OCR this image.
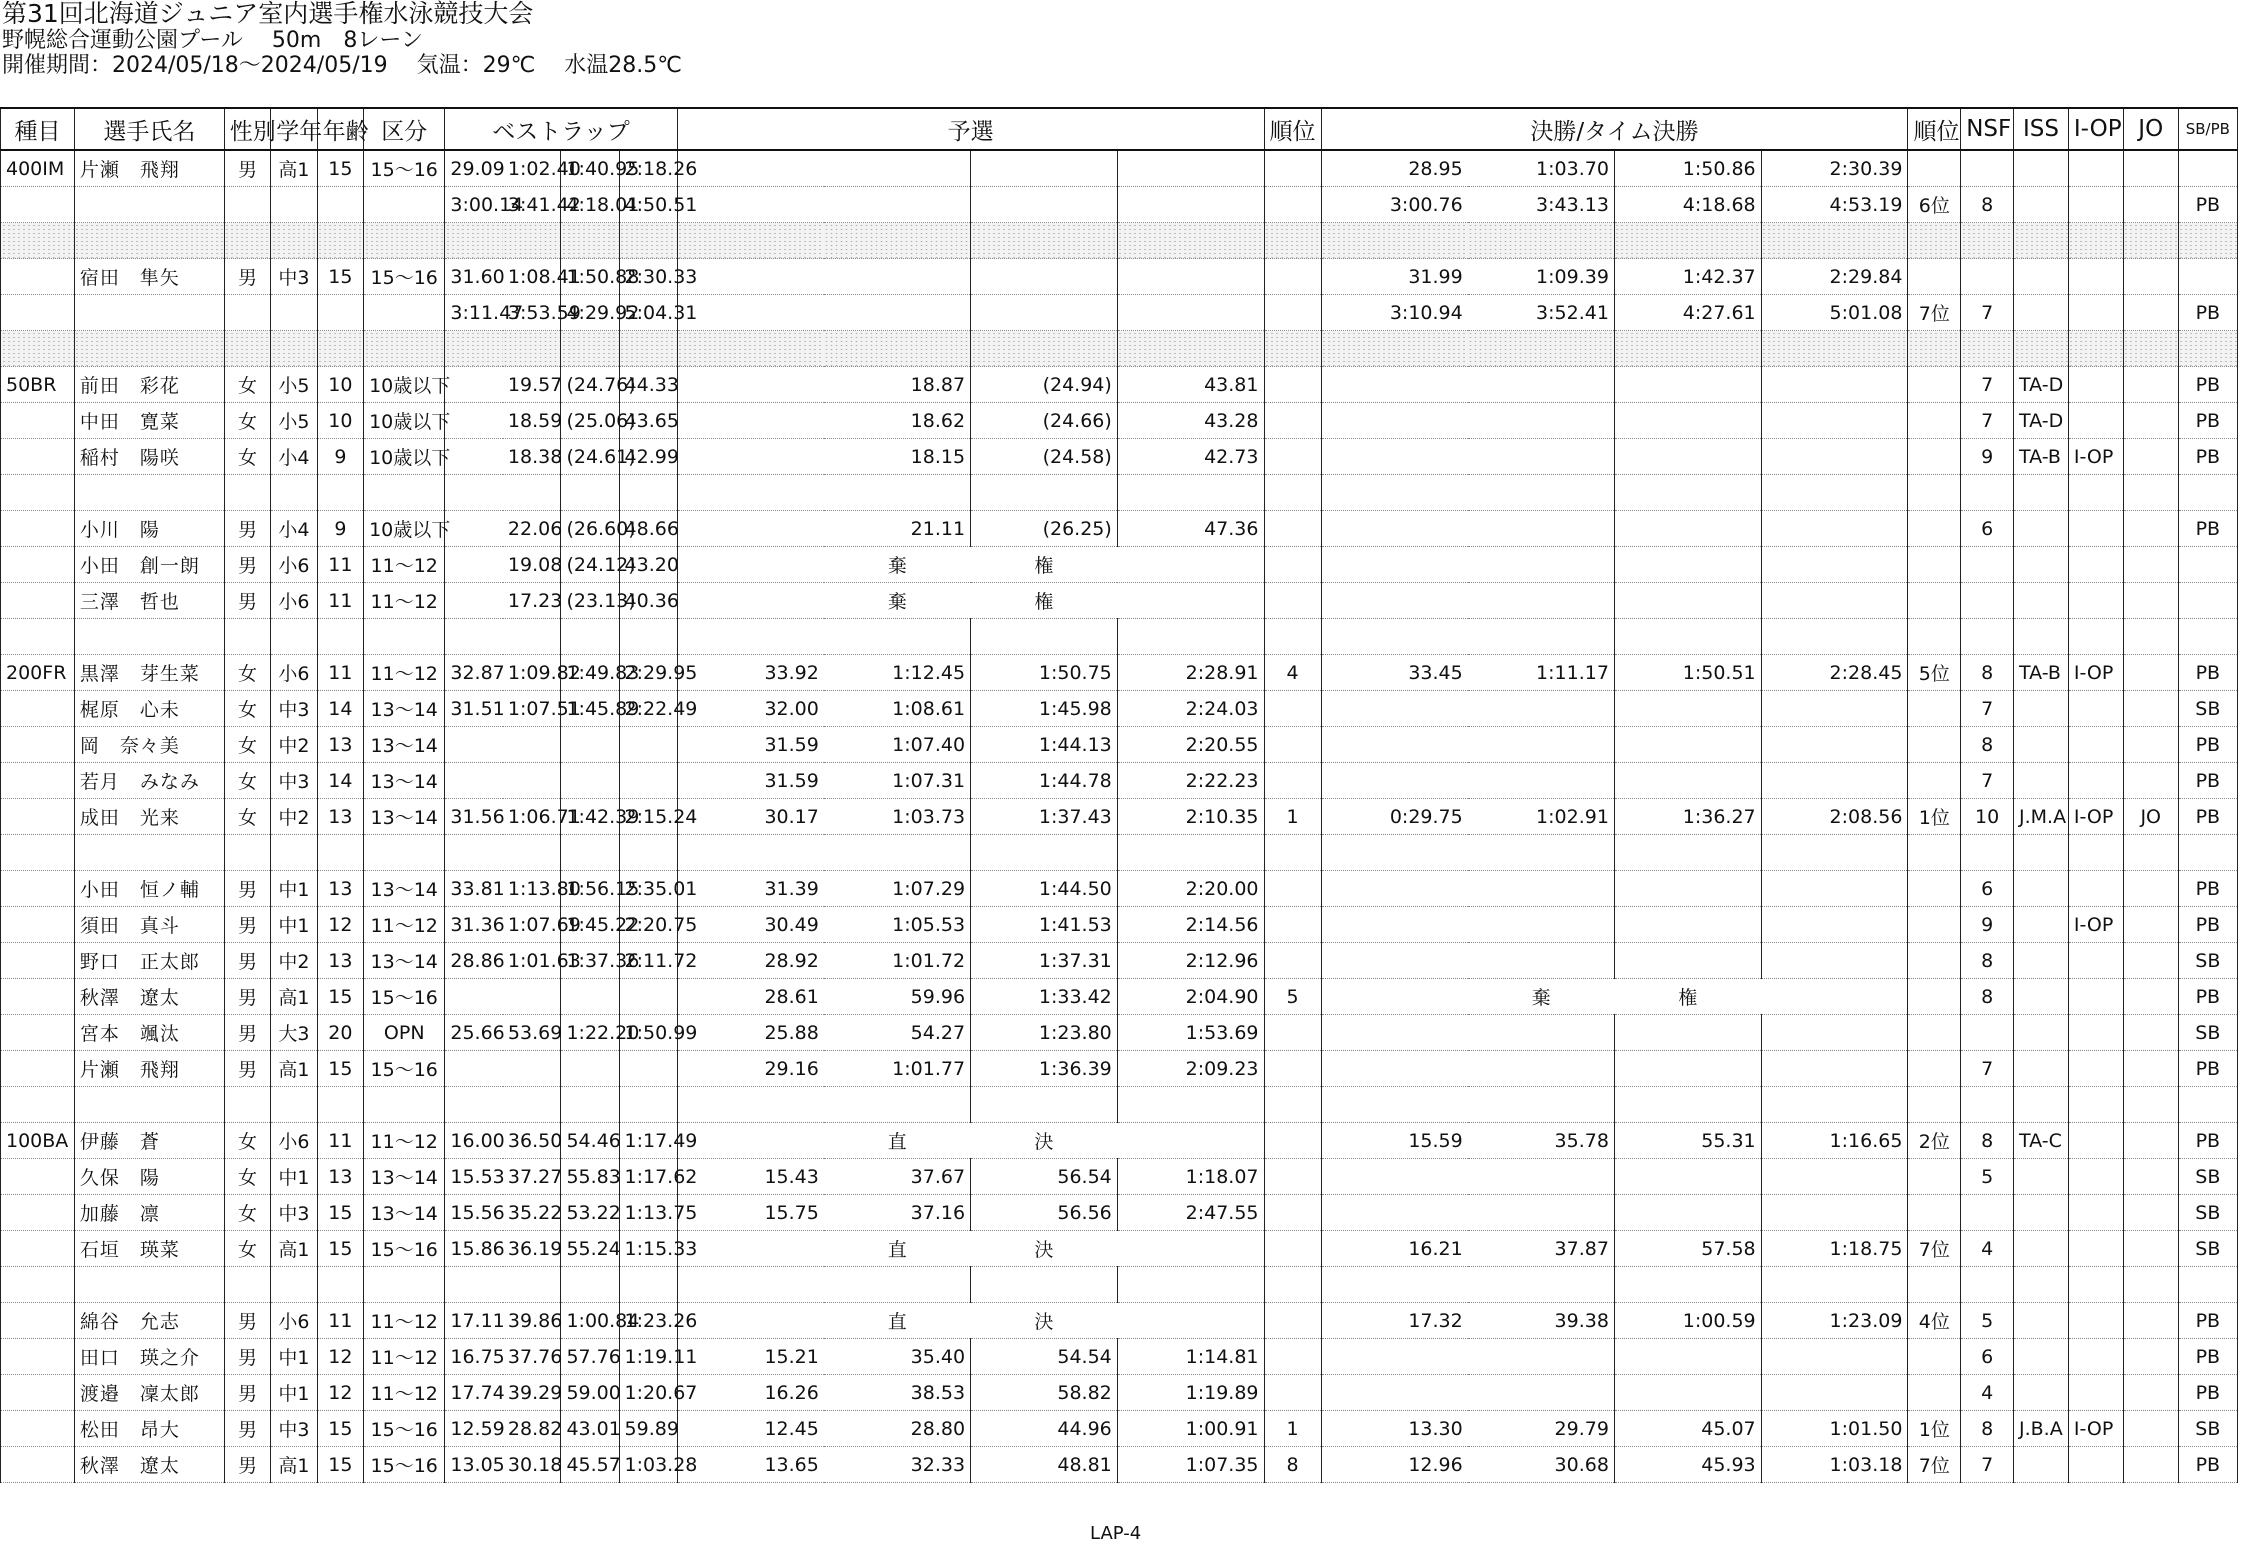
第31回北海道ジュニア室内選手権水泳競技大会
野幌総合運動公園プール　 50m　8レーン
開催期間：2024/05/18～2024/05/19　 気温：29℃　 水温28.5℃
種目	選手氏名	性別	学年	年齢	区分	ベストラップ				予選				順位	決勝/タイム決勝				順位	NSF	ISS	I-OP	JO	SB/PB
400IM	片瀬　飛翔	男	高1	15	15～16	29.09	1:02.40	1:40.95	2:18.26						28.95	1:03.70	1:50.86	2:30.39						
						3:00.14	3:41.42	4:18.01	4:50.51						3:00.76	3:43.13	4:18.68	4:53.19	6位	8				PB

	宿田　隼矢	男	中3	15	15～16	31.60	1:08.41	1:50.88	2:30.33						31.99	1:09.39	1:42.37	2:29.84						
						3:11.47	3:53.59	4:29.92	5:04.31						3:10.94	3:52.41	4:27.61	5:01.08	7位	7				PB

50BR	前田　彩花	女	小5	10	10歳以下		19.57	(24.76)	44.33		18.87	(24.94)	43.81							7	TA-D			PB
	中田　寛菜	女	小5	10	10歳以下		18.59	(25.06)	43.65		18.62	(24.66)	43.28							7	TA-D			PB
	稲村　陽咲	女	小4	9	10歳以下		18.38	(24.61)	42.99		18.15	(24.58)	42.73							9	TA-B	I-OP		PB

	小川　陽	男	小4	9	10歳以下		22.06	(26.60)	48.66		21.11	(26.25)	47.36							6				PB
	小田　創一朗	男	小6	11	11～12		19.08	(24.12)	43.20		棄	権												
	三澤　哲也	男	小6	11	11～12		17.23	(23.13)	40.36		棄	権												

200FR	黒澤　芽生菜	女	小6	11	11～12	32.87	1:09.82	1:49.83	2:29.95	33.92	1:12.45	1:50.75	2:28.91	4	33.45	1:11.17	1:50.51	2:28.45	5位	8	TA-B	I-OP		PB
	梶原　心未	女	中3	14	13～14	31.51	1:07.51	1:45.89	2:22.49	32.00	1:08.61	1:45.98	2:24.03							7				SB
	岡　奈々美	女	中2	13	13～14					31.59	1:07.40	1:44.13	2:20.55							8				PB
	若月　みなみ	女	中3	14	13～14					31.59	1:07.31	1:44.78	2:22.23							7				PB
	成田　光来	女	中2	13	13～14	31.56	1:06.71	1:42.39	2:15.24	30.17	1:03.73	1:37.43	2:10.35	1	0:29.75	1:02.91	1:36.27	2:08.56	1位	10	J.M.A	I-OP	JO	PB

	小田　恒ノ輔	男	中1	13	13～14	33.81	1:13.80	1:56.15	2:35.01	31.39	1:07.29	1:44.50	2:20.00							6				PB
	須田　真斗	男	中1	12	11～12	31.36	1:07.69	1:45.22	2:20.75	30.49	1:05.53	1:41.53	2:14.56							9		I-OP		PB
	野口　正太郎	男	中2	13	13～14	28.86	1:01.63	1:37.36	2:11.72	28.92	1:01.72	1:37.31	2:12.96							8				SB
	秋澤　遼太	男	高1	15	15～16					28.61	59.96	1:33.42	2:04.90	5		棄	権			8				PB
	宮本　颯汰	男	大3	20	OPN	25.66	53.69	1:22.20	1:50.99	25.88	54.27	1:23.80	1:53.69											SB
	片瀬　飛翔	男	高1	15	15～16					29.16	1:01.77	1:36.39	2:09.23							7				PB

100BA	伊藤　蒼	女	小6	11	11～12	16.00	36.50	54.46	1:17.49		直	決			15.59	35.78	55.31	1:16.65	2位	8	TA-C			PB
	久保　陽	女	中1	13	13～14	15.53	37.27	55.83	1:17.62	15.43	37.67	56.54	1:18.07							5				SB
	加藤　凛	女	中3	15	13～14	15.56	35.22	53.22	1:13.75	15.75	37.16	56.56	2:47.55											SB
	石垣　瑛菜	女	高1	15	15～16	15.86	36.19	55.24	1:15.33		直	決			16.21	37.87	57.58	1:18.75	7位	4				SB

	綿谷　允志	男	小6	11	11～12	17.11	39.86	1:00.84	1:23.26		直	決			17.32	39.38	1:00.59	1:23.09	4位	5				PB
	田口　瑛之介	男	中1	12	11～12	16.75	37.76	57.76	1:19.11	15.21	35.40	54.54	1:14.81							6				PB
	渡邉　凜太郎	男	中1	12	11～12	17.74	39.29	59.00	1:20.67	16.26	38.53	58.82	1:19.89							4				PB
	松田　昂大	男	中3	15	15～16	12.59	28.82	43.01	59.89	12.45	28.80	44.96	1:00.91	1	13.30	29.79	45.07	1:01.50	1位	8	J.B.A	I-OP		SB
	秋澤　遼太	男	高1	15	15～16	13.05	30.18	45.57	1:03.28	13.65	32.33	48.81	1:07.35	8	12.96	30.68	45.93	1:03.18	7位	7				PB
LAP-4
